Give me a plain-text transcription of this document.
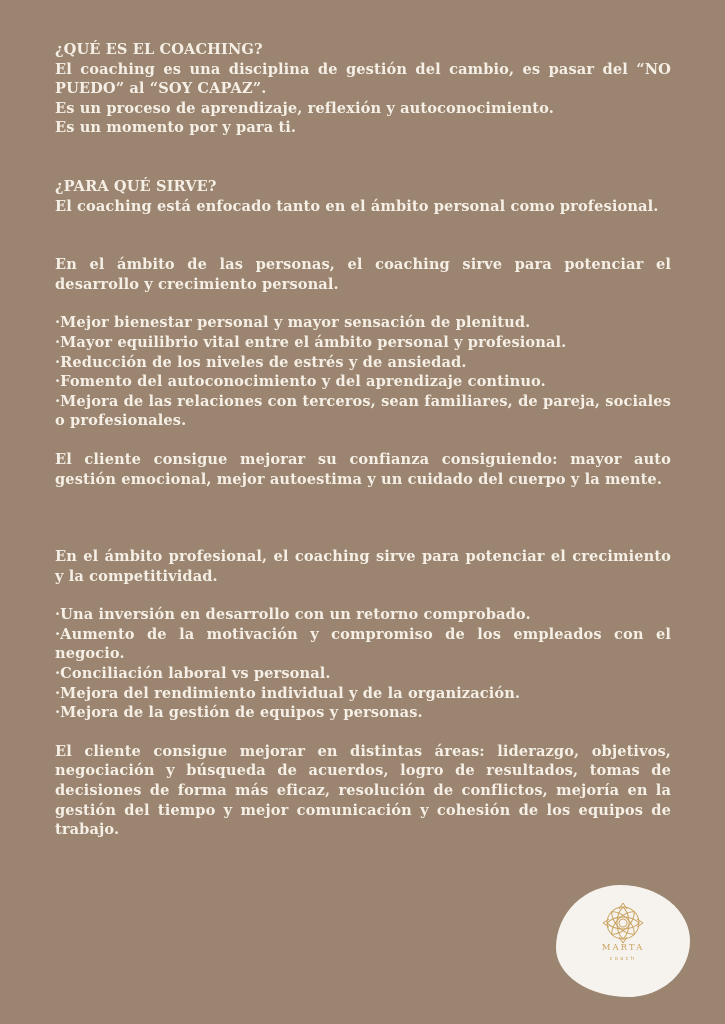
¿QUÉ ES EL COACHING?

El coaching es una disciplina de gestión del cambio, es pasar del “NO

PUEDO” al “SOY CAPAZ”.

Es un proceso de aprendizaje, reflexión y autoconocimiento.

Es un momento por y para ti.

¿PARA QUÉ SIRVE?

El coaching está enfocado tanto en el ámbito personal como profesional.

En el ámbito de las personas, el coaching sirve para potenciar el desarrollo y crecimiento personal.

·Mejor bienestar personal y mayor sensación de plenitud.

·Mayor equilibrio vital entre el ámbito personal y profesional.

·Reducción de los niveles de estrés y de ansiedad.

·Fomento del autoconocimiento y del aprendizaje continuo.

·Mejora de las relaciones con terceros, sean familiares, de pareja, sociales o profesionales.

El cliente consigue mejorar su confianza consiguiendo: mayor auto gestión emocional, mejor autoestima y un cuidado del cuerpo y la mente.

En el ámbito profesional, el coaching sirve para potenciar el crecimiento y la competitividad.

·Una inversión en desarrollo con un retorno comprobado.

·Aumento de la motivación y compromiso de los empleados con el negocio.

·Conciliación laboral vs personal.

·Mejora del rendimiento individual y de la organización.

·Mejora de la gestión de equipos y personas.

El cliente consigue mejorar en distintas áreas: liderazgo, objetivos, negociación y búsqueda de acuerdos, logro de resultados, tomas de decisiones de forma más eficaz, resolución de conflictos, mejoría en la gestión del tiempo y mejor comunicación y cohesión de los equipos de trabajo.

MARTA
coach
